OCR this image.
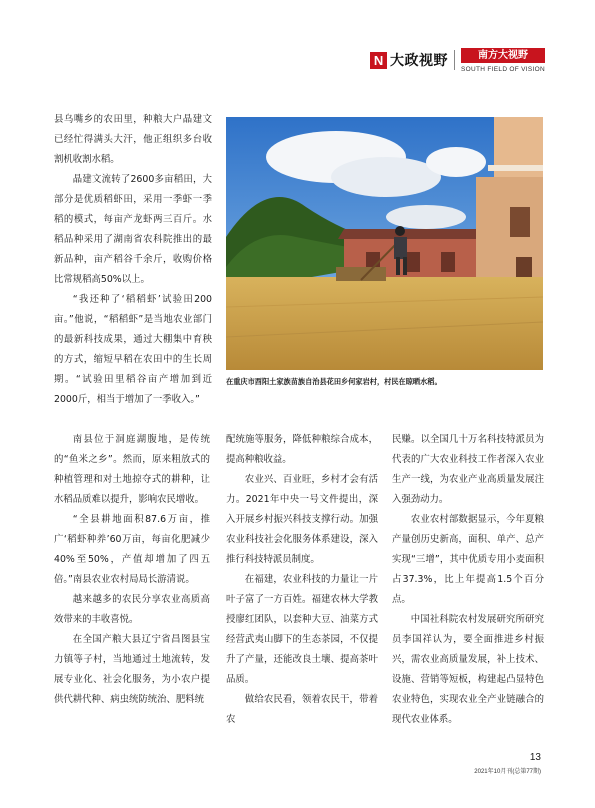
N 大政视野	南方大视野
SOUTH FIELD OF VISION

县乌嘴乡的农田里，种粮大户晶建文已经忙得满头大汗，他正组织多台收割机收割水稻。

晶建文流转了2600多亩稻田，大部分是优质稻虾田，采用一季虾一季稻的模式，每亩产龙虾两三百斤。水稻品种采用了湖南省农科院推出的最新品种，亩产稻谷千余斤，收购价格比常规稻高50%以上。

“我还种了‘稻稻虾’试验田200亩。”他说，“稻稻虾”是当地农业部门的最新科技成果，通过大棚集中育秧的方式，缩短早稻在农田中的生长周期。“试验田里稻谷亩产增加到近2000斤，相当于增加了一季收入。”

南县位于洞庭湖腹地，是传统的“鱼米之乡”。然而，原来粗放式的种植管理和对土地掠夺式的耕种，让水稻品质难以提升，影响农民增收。

“全县耕地面积87.6万亩，推广‘稻虾种养’60万亩，每亩化肥减少40%至50%，产值却增加了四五倍。”南县农业农村局局长游清说。

越来越多的农民分享农业高质高效带来的丰收喜悦。

在全国产粮大县辽宁省昌图县宝力镇等子村，当地通过土地流转，发展专业化、社会化服务，为小农户提供代耕代种、病虫统防统治、肥料统

配统施等服务，降低种粮综合成本，提高种粮收益。

农业兴、百业旺，乡村才会有活力。2021年中央一号文件提出，深入开展乡村振兴科技支撑行动。加强农业科技社会化服务体系建设，深入推行科技特派员制度。

在福建，农业科技的力量让一片叶子富了一方百姓。福建农林大学教授廖红团队，以套种大豆、油菜方式经营武夷山脚下的生态茶园，不仅提升了产量，还能改良土壤、提高茶叶品质。

做给农民看，领着农民干，带着农

民赚。以全国几十万名科技特派员为代表的广大农业科技工作者深入农业生产一线，为农业产业高质量发展注入强劲动力。

农业农村部数据显示，今年夏粮产量创历史新高，面积、单产、总产实现“三增”，其中优质专用小麦面积占37.3%，比上年提高1.5个百分点。

中国社科院农村发展研究所研究员李国祥认为，要全面推进乡村振兴，需农业高质量发展，补上技术、设施、营销等短板，构建起凸显特色农业特色，实现农业全产业链融合的现代农业体系。

在重庆市酉阳土家族苗族自治县花田乡何家岩村，村民在晾晒水稻。
13
2021年10月刊(总第77期)
